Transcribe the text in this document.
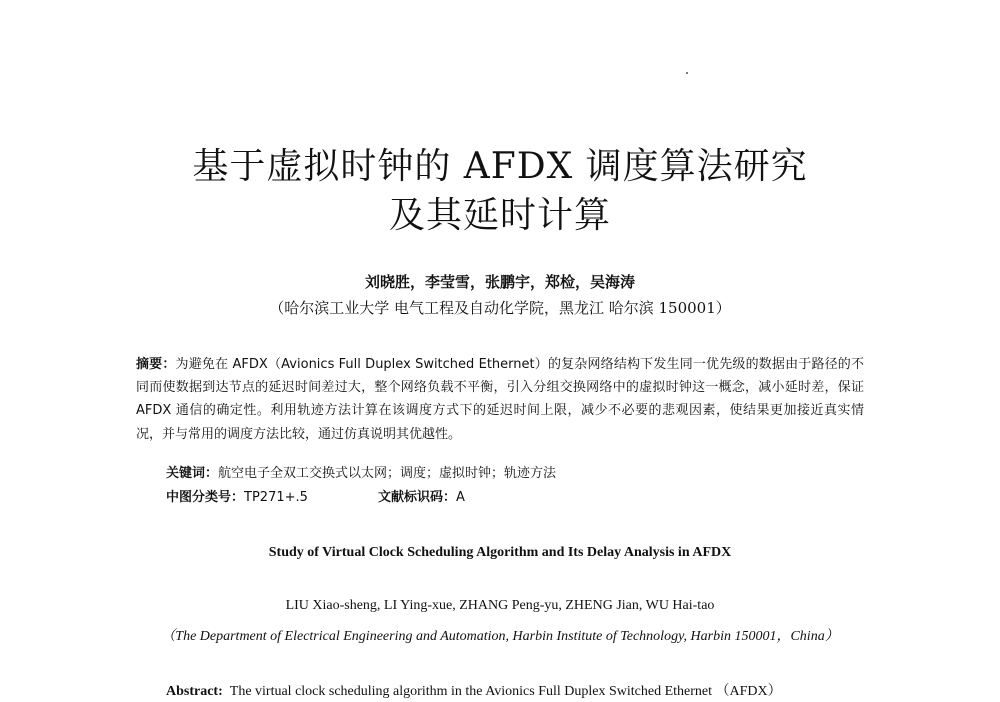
基于虚拟时钟的 AFDX 调度算法研究
及其延时计算
刘晓胜，李莹雪，张鹏宇，郑检，吴海涛
（哈尔滨工业大学 电气工程及自动化学院，黑龙江 哈尔滨 150001）

摘要：为避免在 AFDX（Avionics Full Duplex Switched Ethernet）的复杂网络结构下发生同一优先级的数据由于路径的不同而使数据到达节点的延迟时间差过大，整个网络负载不平衡，引入分组交换网络中的虚拟时钟这一概念，减小延时差，保证 AFDX 通信的确定性。利用轨迹方法计算在该调度方式下的延迟时间上限，减少不必要的悲观因素，使结果更加接近真实情况，并与常用的调度方法比较，通过仿真说明其优越性。

关键词：航空电子全双工交换式以太网；调度；虚拟时钟；轨迹方法
中图分类号：TP271+.5	文献标识码：A
Study of Virtual Clock Scheduling Algorithm and Its Delay Analysis in AFDX
LIU Xiao-sheng, LI Ying-xue, ZHANG Peng-yu, ZHENG Jian, WU Hai-tao
（The Department of Electrical Engineering and Automation, Harbin Institute of Technology, Harbin 150001，China）
Abstract: The virtual clock scheduling algorithm in the Avionics Full Duplex Switched Ethernet （AFDX）
